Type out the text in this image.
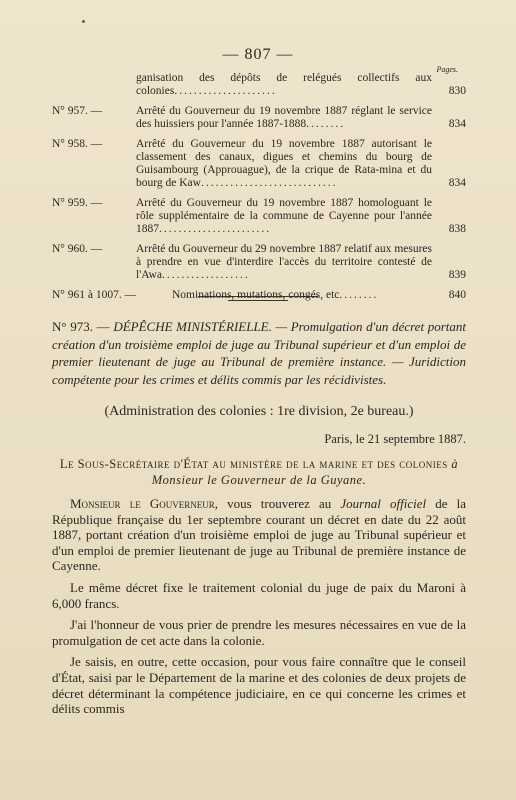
— 807 —
Pages.
ganisation des dépôts de relégués collectifs aux colonies.....................	830
N° 957. —	Arrêté du Gouverneur du 19 novembre 1887 réglant le service des huissiers pour l'année 1887-1888........	834
N° 958. —	Arrêté du Gouverneur du 19 novembre 1887 autorisant le classement des canaux, digues et chemins du bourg de Guisambourg (Approuague), de la crique de Rata-mina et du bourg de Kaw............................	834
N° 959. —	Arrêté du Gouverneur du 19 novembre 1887 homologuant le rôle supplémentaire de la commune de Cayenne pour l'année 1887.......................	838
N° 960. —	Arrêté du Gouverneur du 29 novembre 1887 relatif aux mesures à prendre en vue d'interdire l'accès du territoire contesté de l'Awa..................	839
N° 961 à 1007. —	Nominations, mutations, congés, etc........	840
N° 973. — DÉPÊCHE MINISTÉRIELLE. — Promulgation d'un décret portant création d'un troisième emploi de juge au Tribunal supérieur et d'un emploi de premier lieutenant de juge au Tribunal de première instance. — Juridiction compétente pour les crimes et délits commis par les récidivistes.
(Administration des colonies : 1re division, 2e bureau.)
Paris, le 21 septembre 1887.
Le Sous-Secrétaire d'État au ministère de la marine et des colonies à Monsieur le Gouverneur de la Guyane.

Monsieur le Gouverneur, vous trouverez au Journal officiel de la République française du 1er septembre courant un décret en date du 22 août 1887, portant création d'un troisième emploi de juge au Tribunal supérieur et d'un emploi de premier lieutenant de juge au Tribunal de première instance de Cayenne.

Le même décret fixe le traitement colonial du juge de paix du Maroni à 6,000 francs.

J'ai l'honneur de vous prier de prendre les mesures nécessaires en vue de la promulgation de cet acte dans la colonie.

Je saisis, en outre, cette occasion, pour vous faire connaître que le conseil d'État, saisi par le Département de la marine et des colonies de deux projets de décret déterminant la compétence judiciaire, en ce qui concerne les crimes et délits commis
